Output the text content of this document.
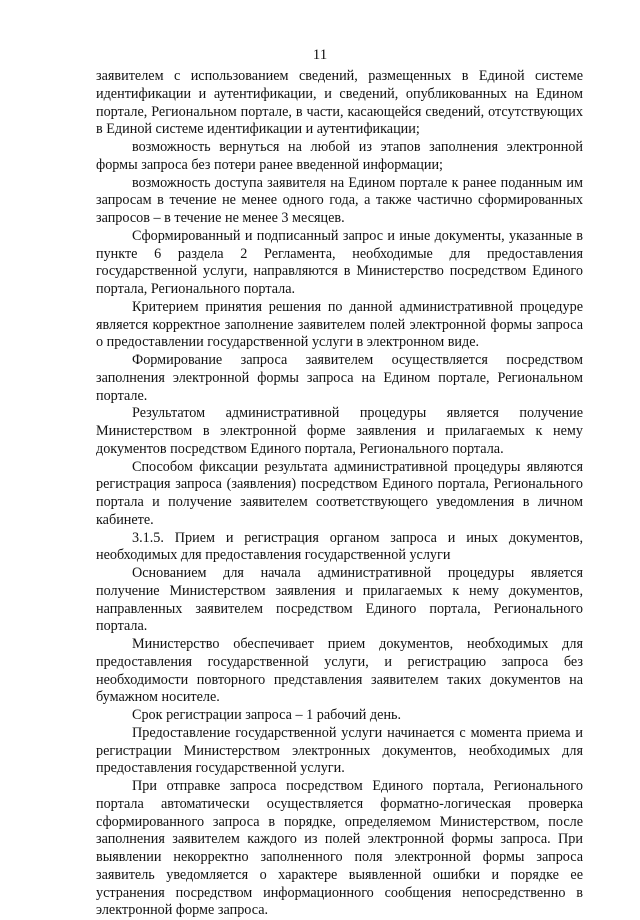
11

заявителем с использованием сведений, размещенных в Единой системе идентификации и аутентификации, и сведений, опубликованных на Едином портале, Региональном портале, в части, касающейся сведений, отсутствующих в Единой системе идентификации и аутентификации;

возможность вернуться на любой из этапов заполнения электронной формы запроса без потери ранее введенной информации;

возможность доступа заявителя на Едином портале к ранее поданным им запросам в течение не менее одного года, а также частично сформированных запросов – в течение не менее 3 месяцев.

Сформированный и подписанный запрос и иные документы, указанные в пункте 6 раздела 2 Регламента, необходимые для предоставления государственной услуги, направляются в Министерство посредством Единого портала, Регионального портала.

Критерием принятия решения по данной административной процедуре является корректное заполнение заявителем полей электронной формы запроса о предоставлении государственной услуги в электронном виде.

Формирование запроса заявителем осуществляется посредством заполнения электронной формы запроса на Едином портале, Региональном портале.

Результатом административной процедуры является получение Министерством в электронной форме заявления и прилагаемых к нему документов посредством Единого портала, Регионального портала.

Способом фиксации результата административной процедуры являются регистрация запроса (заявления) посредством Единого портала, Регионального портала и получение заявителем соответствующего уведомления в личном кабинете.

3.1.5. Прием и регистрация органом запроса и иных документов, необходимых для предоставления государственной услуги

Основанием для начала административной процедуры является получение Министерством заявления и прилагаемых к нему документов, направленных заявителем посредством Единого портала, Регионального портала.

Министерство обеспечивает прием документов, необходимых для предоставления государственной услуги, и регистрацию запроса без необходимости повторного представления заявителем таких документов на бумажном носителе.

Срок регистрации запроса – 1 рабочий день.

Предоставление государственной услуги начинается с момента приема и регистрации Министерством электронных документов, необходимых для предоставления государственной услуги.

При отправке запроса посредством Единого портала, Регионального портала автоматически осуществляется форматно-логическая проверка сформированного запроса в порядке, определяемом Министерством, после заполнения заявителем каждого из полей электронной формы запроса. При выявлении некорректно заполненного поля электронной формы запроса заявитель уведомляется о характере выявленной ошибки и порядке ее устранения посредством информационного сообщения непосредственно в электронной форме запроса.
